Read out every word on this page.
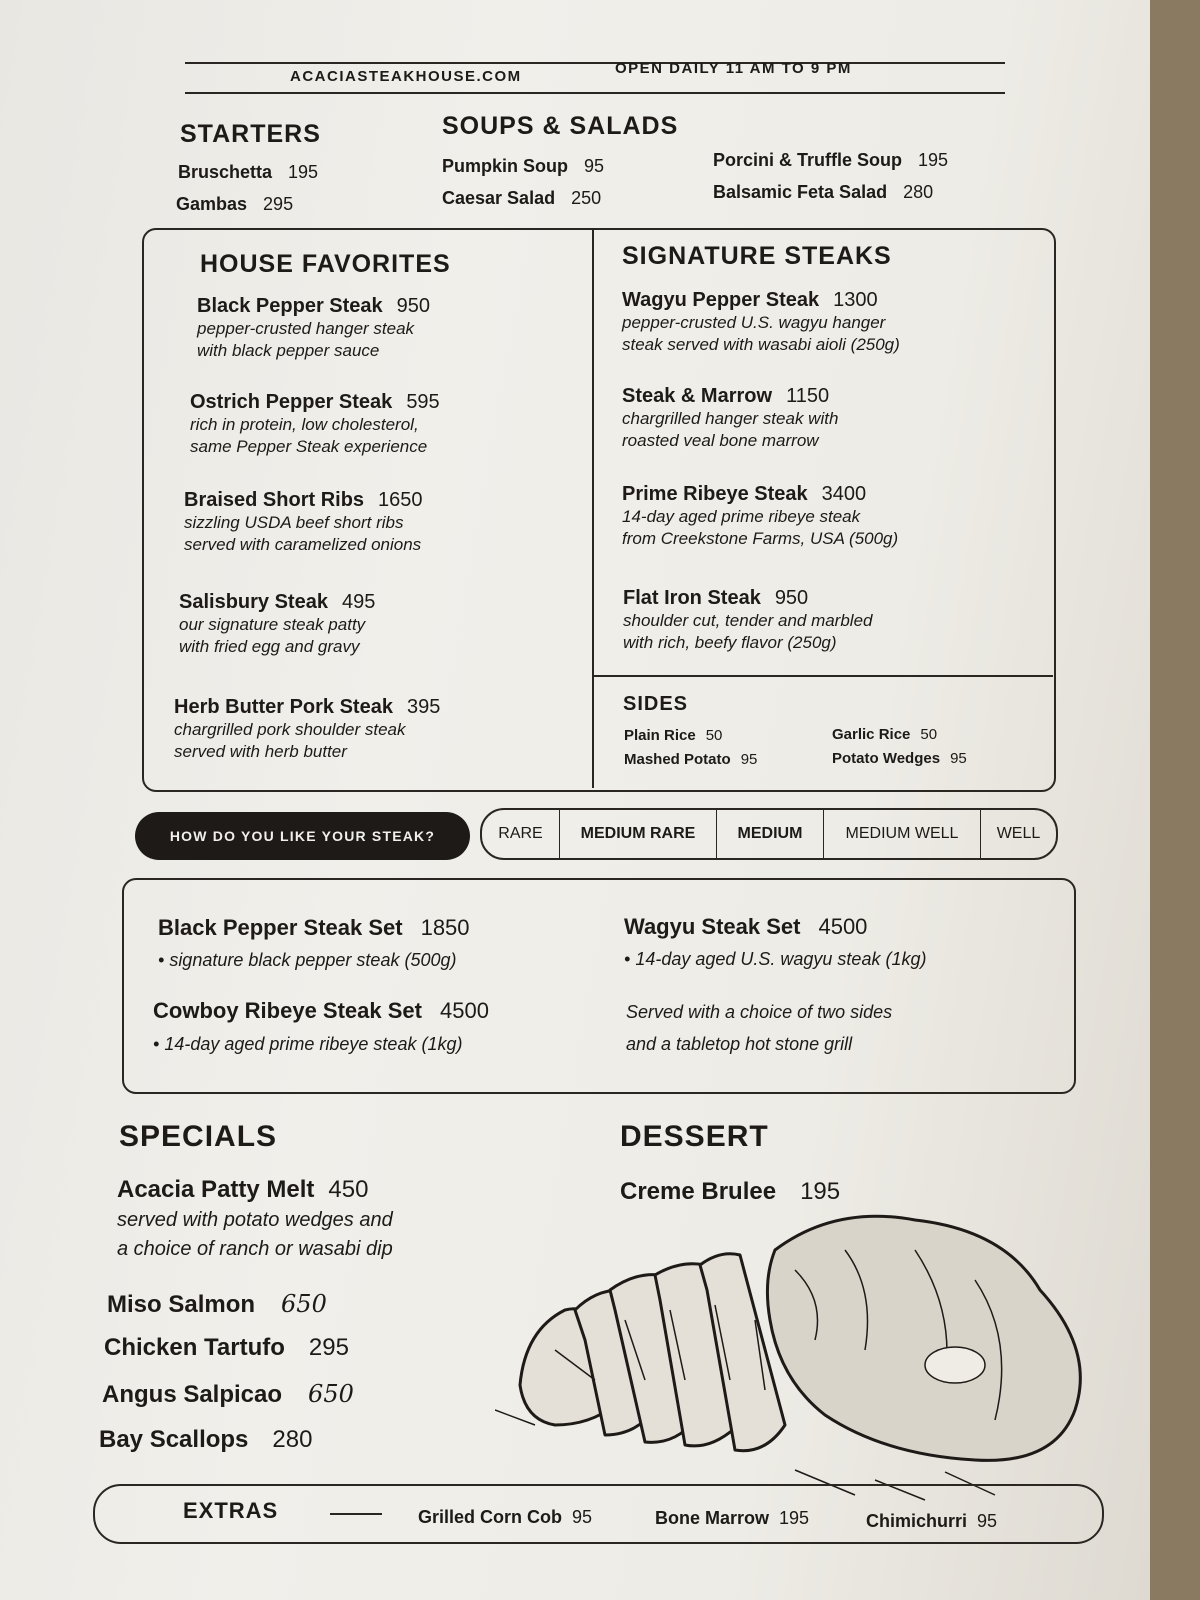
ACACIASTEAKHOUSE.COM	OPEN DAILY 11 AM TO 9 PM
STARTERS
Bruschetta 195
Gambas 295
SOUPS & SALADS
Pumpkin Soup 95
Caesar Salad 250
Porcini & Truffle Soup 195
Balsamic Feta Salad 280
HOUSE FAVORITES
Black Pepper Steak 950
pepper-crusted hanger steak
with black pepper sauce
Ostrich Pepper Steak 595
rich in protein, low cholesterol,
same Pepper Steak experience
Braised Short Ribs 1650
sizzling USDA beef short ribs
served with caramelized onions
Salisbury Steak 495
our signature steak patty
with fried egg and gravy
Herb Butter Pork Steak 395
chargrilled pork shoulder steak
served with herb butter
SIGNATURE STEAKS
Wagyu Pepper Steak 1300
pepper-crusted U.S. wagyu hanger
steak served with wasabi aioli (250g)
Steak & Marrow 1150
chargrilled hanger steak with
roasted veal bone marrow
Prime Ribeye Steak 3400
14-day aged prime ribeye steak
from Creekstone Farms, USA (500g)
Flat Iron Steak 950
shoulder cut, tender and marbled
with rich, beefy flavor (250g)
SIDES
Plain Rice 50
Mashed Potato 95
Garlic Rice 50
Potato Wedges 95
HOW DO YOU LIKE YOUR STEAK?	RARE	MEDIUM RARE	MEDIUM	MEDIUM WELL	WELL
Black Pepper Steak Set 1850
• signature black pepper steak (500g)
Cowboy Ribeye Steak Set 4500
• 14-day aged prime ribeye steak (1kg)
Wagyu Steak Set 4500
• 14-day aged U.S. wagyu steak (1kg)
Served with a choice of two sides
and a tabletop hot stone grill
SPECIALS
Acacia Patty Melt 450
served with potato wedges and
a choice of ranch or wasabi dip
Miso Salmon 650
Chicken Tartufo 295
Angus Salpicao 650
Bay Scallops 280
DESSERT
Creme Brulee 195
EXTRAS	Grilled Corn Cob 95	Bone Marrow 195	Chimichurri 95
